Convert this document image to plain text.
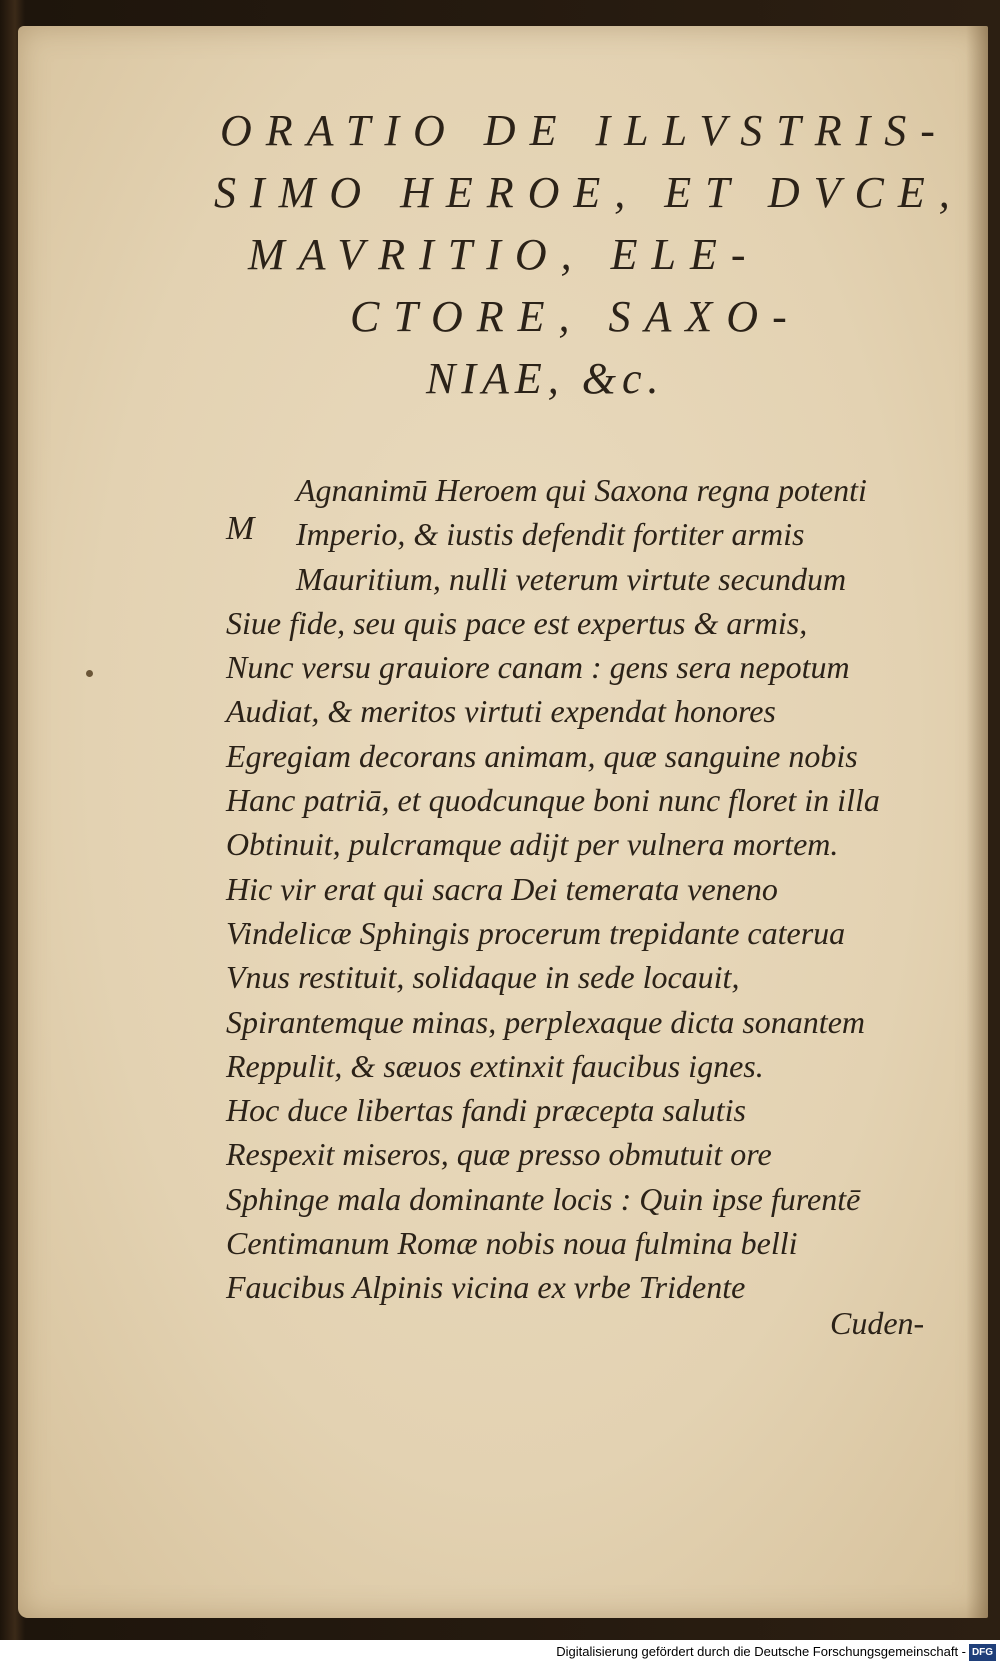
ORATIO DE ILLVSTRIS-
SIMO HEROE, ET DVCE,
MAVRITIO, ELE-
CTORE, SAXO-
NIAE, &c.
M
Agnanimū Heroem qui Saxona regna potenti
Imperio, & iustis defendit fortiter armis
Mauritium, nulli veterum virtute secundum
Siue fide, seu quis pace est expertus & armis,
Nunc versu grauiore canam : gens sera nepotum
Audiat, & meritos virtuti expendat honores
Egregiam decorans animam, quæ sanguine nobis
Hanc patriā, et quodcunque boni nunc floret in illa
Obtinuit, pulcramque adijt per vulnera mortem.
Hic vir erat qui sacra Dei temerata veneno
Vindelicæ Sphingis procerum trepidante caterua
Vnus restituit, solidaque in sede locauit,
Spirantemque minas, perplexaque dicta sonantem
Reppulit, & sæuos extinxit faucibus ignes.
Hoc duce libertas fandi præcepta salutis
Respexit miseros, quæ presso obmutuit ore
Sphinge mala dominante locis : Quin ipse furentē
Centimanum Romæ nobis noua fulmina belli
Faucibus Alpinis vicina ex vrbe Tridente
Cuden-
Digitalisierung gefördert durch die Deutsche Forschungsgemeinschaft - DFG
